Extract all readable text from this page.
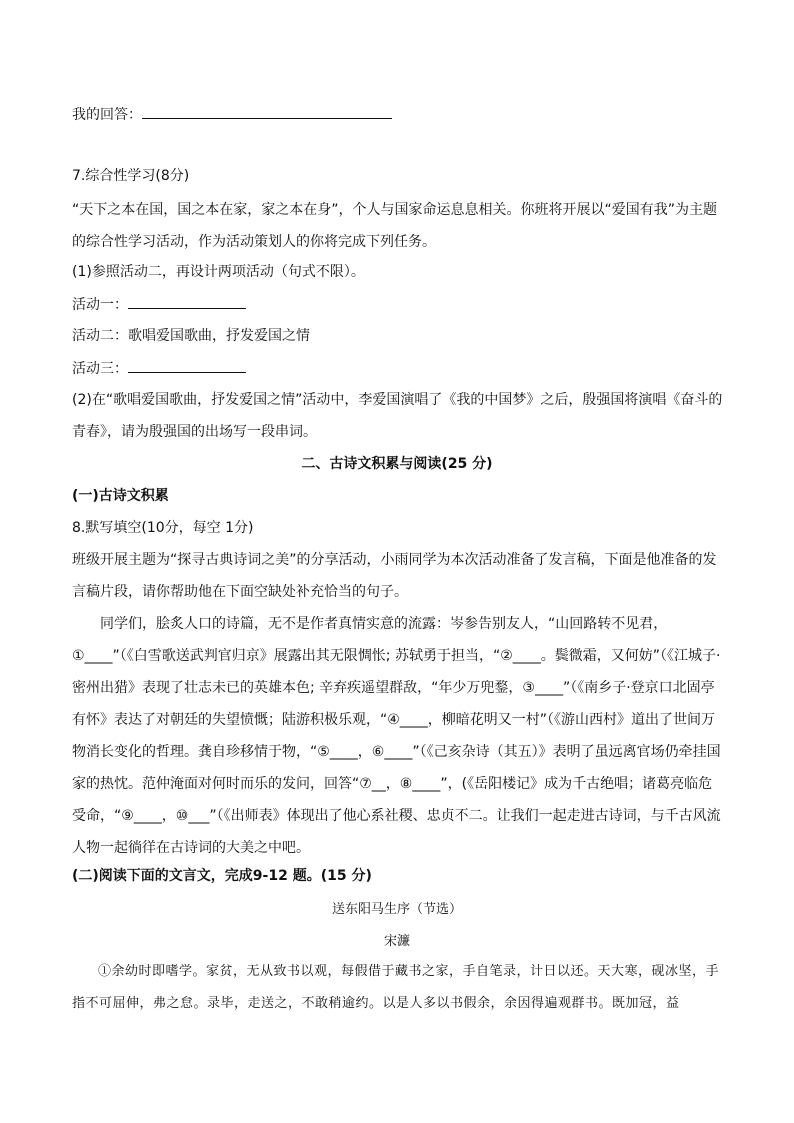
我的回答：
7.综合性学习(8分)
“天下之本在国，国之本在家，家之本在身”，个人与国家命运息息相关。你班将开展以“爱国有我”为主题的综合性学习活动，作为活动策划人的你将完成下列任务。
(1)参照活动二，再设计两项活动（句式不限）。
活动一：
活动二：歌唱爱国歌曲，抒发爱国之情
活动三：
(2)在“歌唱爱国歌曲，抒发爱国之情”活动中，李爱国演唱了《我的中国梦》之后，殷强国将演唱《奋斗的青春》，请为殷强国的出场写一段串词。
二、古诗文积累与阅读(25 分)
(一)古诗文积累
8.默写填空(10分，每空 1分)
班级开展主题为“探寻古典诗词之美”的分享活动，小雨同学为本次活动准备了发言稿，下面是他准备的发言稿片段，请你帮助他在下面空缺处补充恰当的句子。
同学们，脍炙人口的诗篇，无不是作者真情实意的流露：岑参告别友人，“山回路转不见君，①____”（《白雪歌送武判官归京》展露出其无限惆怅; 苏轼勇于担当，“②____。鬓微霜，又何妨”（《江城子·密州出猎》表现了壮志未已的英雄本色; 辛弃疾遥望群敌，“年少万兜鍪，③____”（《南乡子·登京口北固亭有怀》表达了对朝廷的失望愤慨；陆游积极乐观，“④____，柳暗花明又一村”（《游山西村》道出了世间万物消长变化的哲理。龚自珍移情于物，“⑤____，⑥____”（《己亥杂诗（其五）》表明了虽远离官场仍牵挂国家的热忱。范仲淹面对何时而乐的发问，回答“⑦__，⑧____”，(《岳阳楼记》成为千古绝唱；诸葛亮临危受命，“⑨____，⑩___”（《出师表》体现出了他心系社稷、忠贞不二。让我们一起走进古诗词，与千古风流人物一起徜徉在古诗词的大美之中吧。
(二)阅读下面的文言文，完成9-12 题。(15 分)
送东阳马生序（节选）
宋濂
①余幼时即嗜学。家贫，无从致书以观，每假借于藏书之家，手自笔录，计日以还。天大寒，砚冰坚，手指不可屈伸，弗之怠。录毕，走送之，不敢稍逾约。以是人多以书假余，余因得遍观群书。既加冠，益
